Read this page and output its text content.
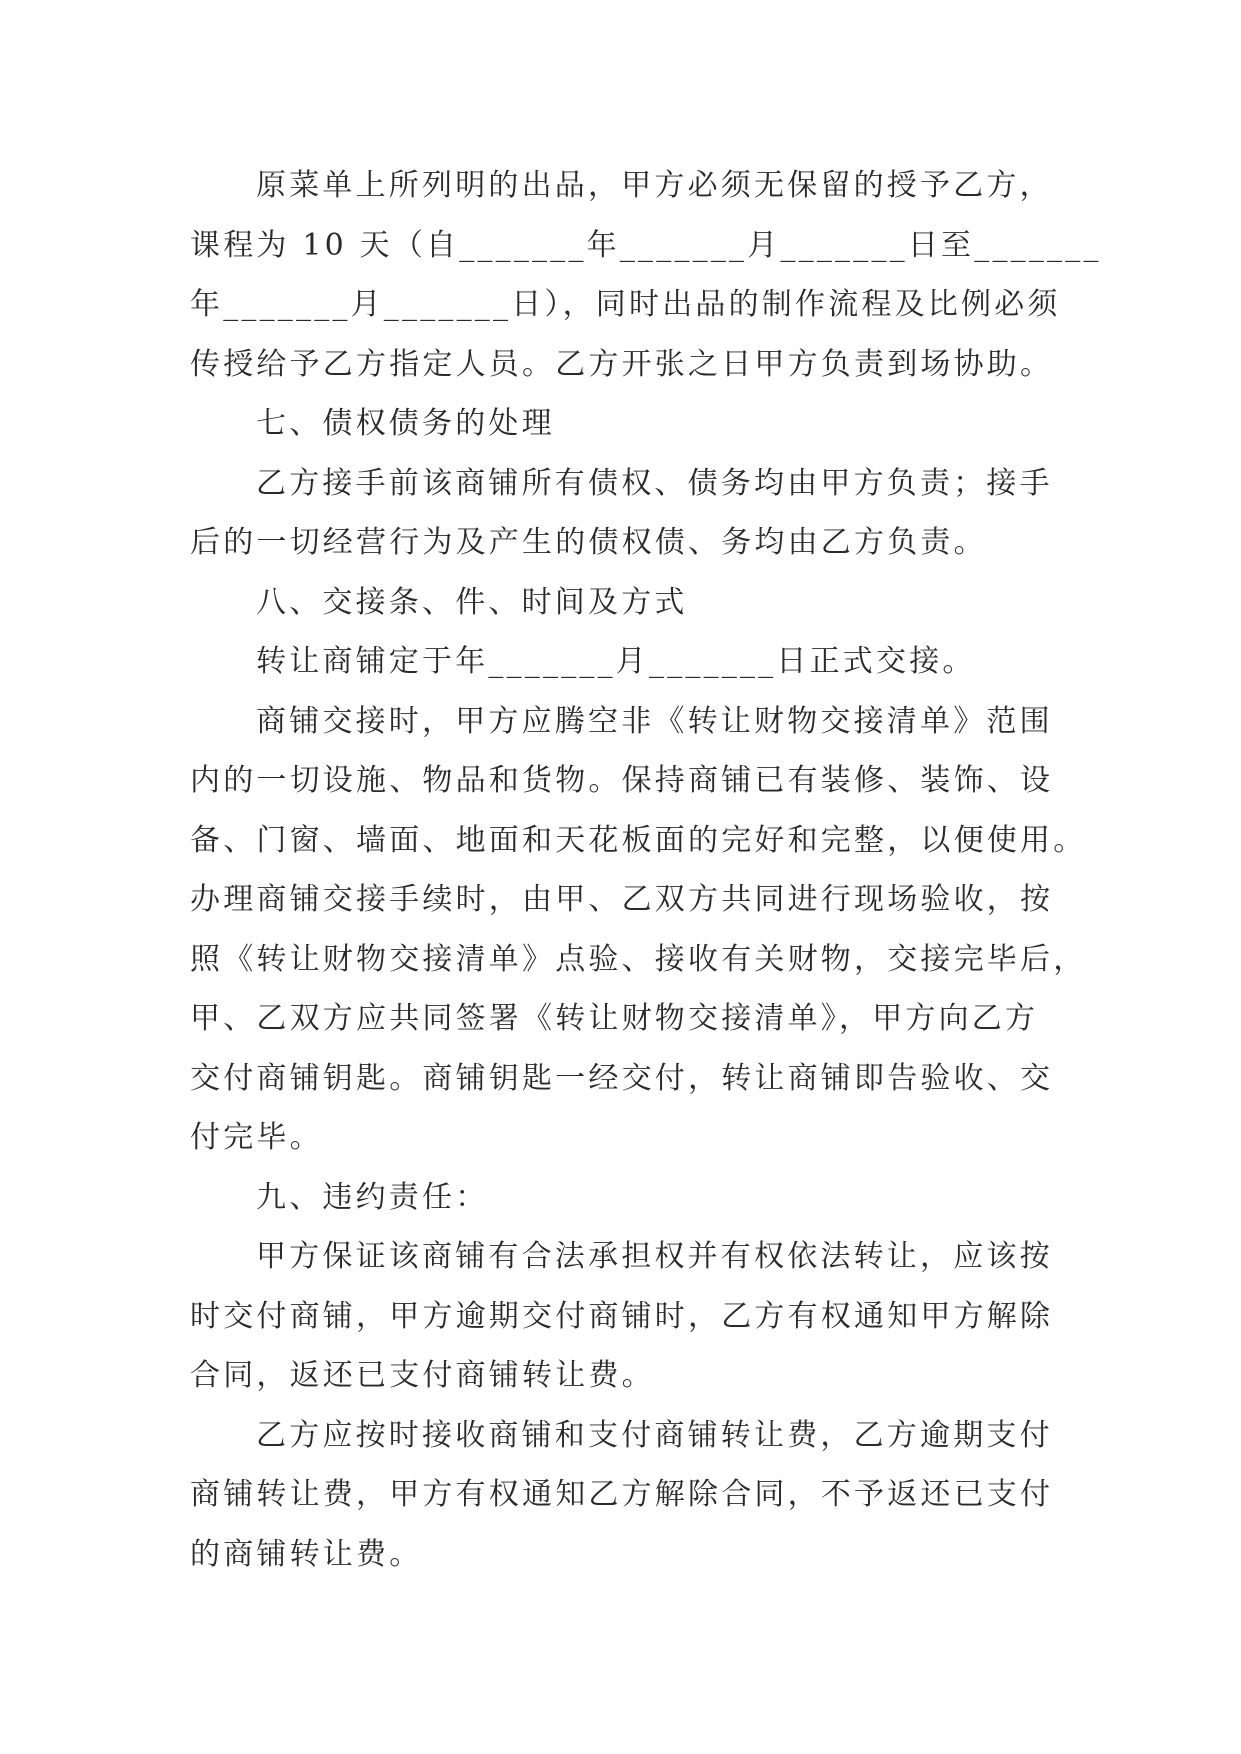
原菜单上所列明的出品，甲方必须无保留的授予乙方，
课程为 10 天（自_______年_______月_______日至_______
年_______月_______日），同时出品的制作流程及比例必须
传授给予乙方指定人员。乙方开张之日甲方负责到场协助。
七、债权债务的处理
乙方接手前该商铺所有债权、债务均由甲方负责；接手
后的一切经营行为及产生的债权债、务均由乙方负责。
八、交接条、件、时间及方式
转让商铺定于年_______月_______日正式交接。
商铺交接时，甲方应腾空非《转让财物交接清单》范围
内的一切设施、物品和货物。保持商铺已有装修、装饰、设
备、门窗、墙面、地面和天花板面的完好和完整，以便使用。
办理商铺交接手续时，由甲、乙双方共同进行现场验收，按
照《转让财物交接清单》点验、接收有关财物，交接完毕后，
甲、乙双方应共同签署《转让财物交接清单》，甲方向乙方
交付商铺钥匙。商铺钥匙一经交付，转让商铺即告验收、交
付完毕。
九、违约责任：
甲方保证该商铺有合法承担权并有权依法转让，应该按
时交付商铺，甲方逾期交付商铺时，乙方有权通知甲方解除
合同，返还已支付商铺转让费。
乙方应按时接收商铺和支付商铺转让费，乙方逾期支付
商铺转让费，甲方有权通知乙方解除合同，不予返还已支付
的商铺转让费。
